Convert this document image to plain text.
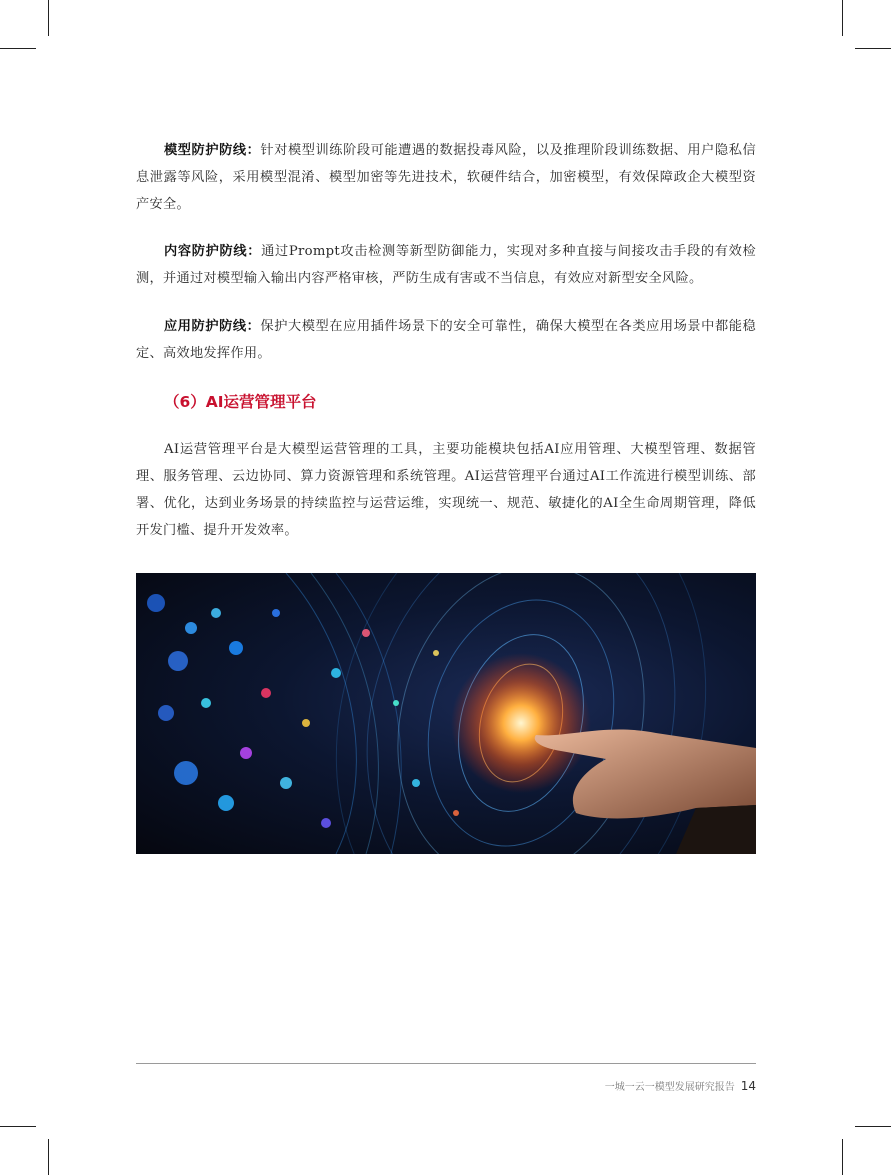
模型防护防线：针对模型训练阶段可能遭遇的数据投毒风险，以及推理阶段训练数据、用户隐私信息泄露等风险，采用模型混淆、模型加密等先进技术，软硬件结合，加密模型，有效保障政企大模型资产安全。

内容防护防线：通过Prompt攻击检测等新型防御能力，实现对多种直接与间接攻击手段的有效检测，并通过对模型输入输出内容严格审核，严防生成有害或不当信息，有效应对新型安全风险。

应用防护防线：保护大模型在应用插件场景下的安全可靠性，确保大模型在各类应用场景中都能稳定、高效地发挥作用。

（6）AI运营管理平台

AI运营管理平台是大模型运营管理的工具，主要功能模块包括AI应用管理、大模型管理、数据管理、服务管理、云边协同、算力资源管理和系统管理。AI运营管理平台通过AI工作流进行模型训练、部署、优化，达到业务场景的持续监控与运营运维，实现统一、规范、敏捷化的AI全生命周期管理，降低开发门槛、提升开发效率。

一城一云一模型发展研究报告 14
